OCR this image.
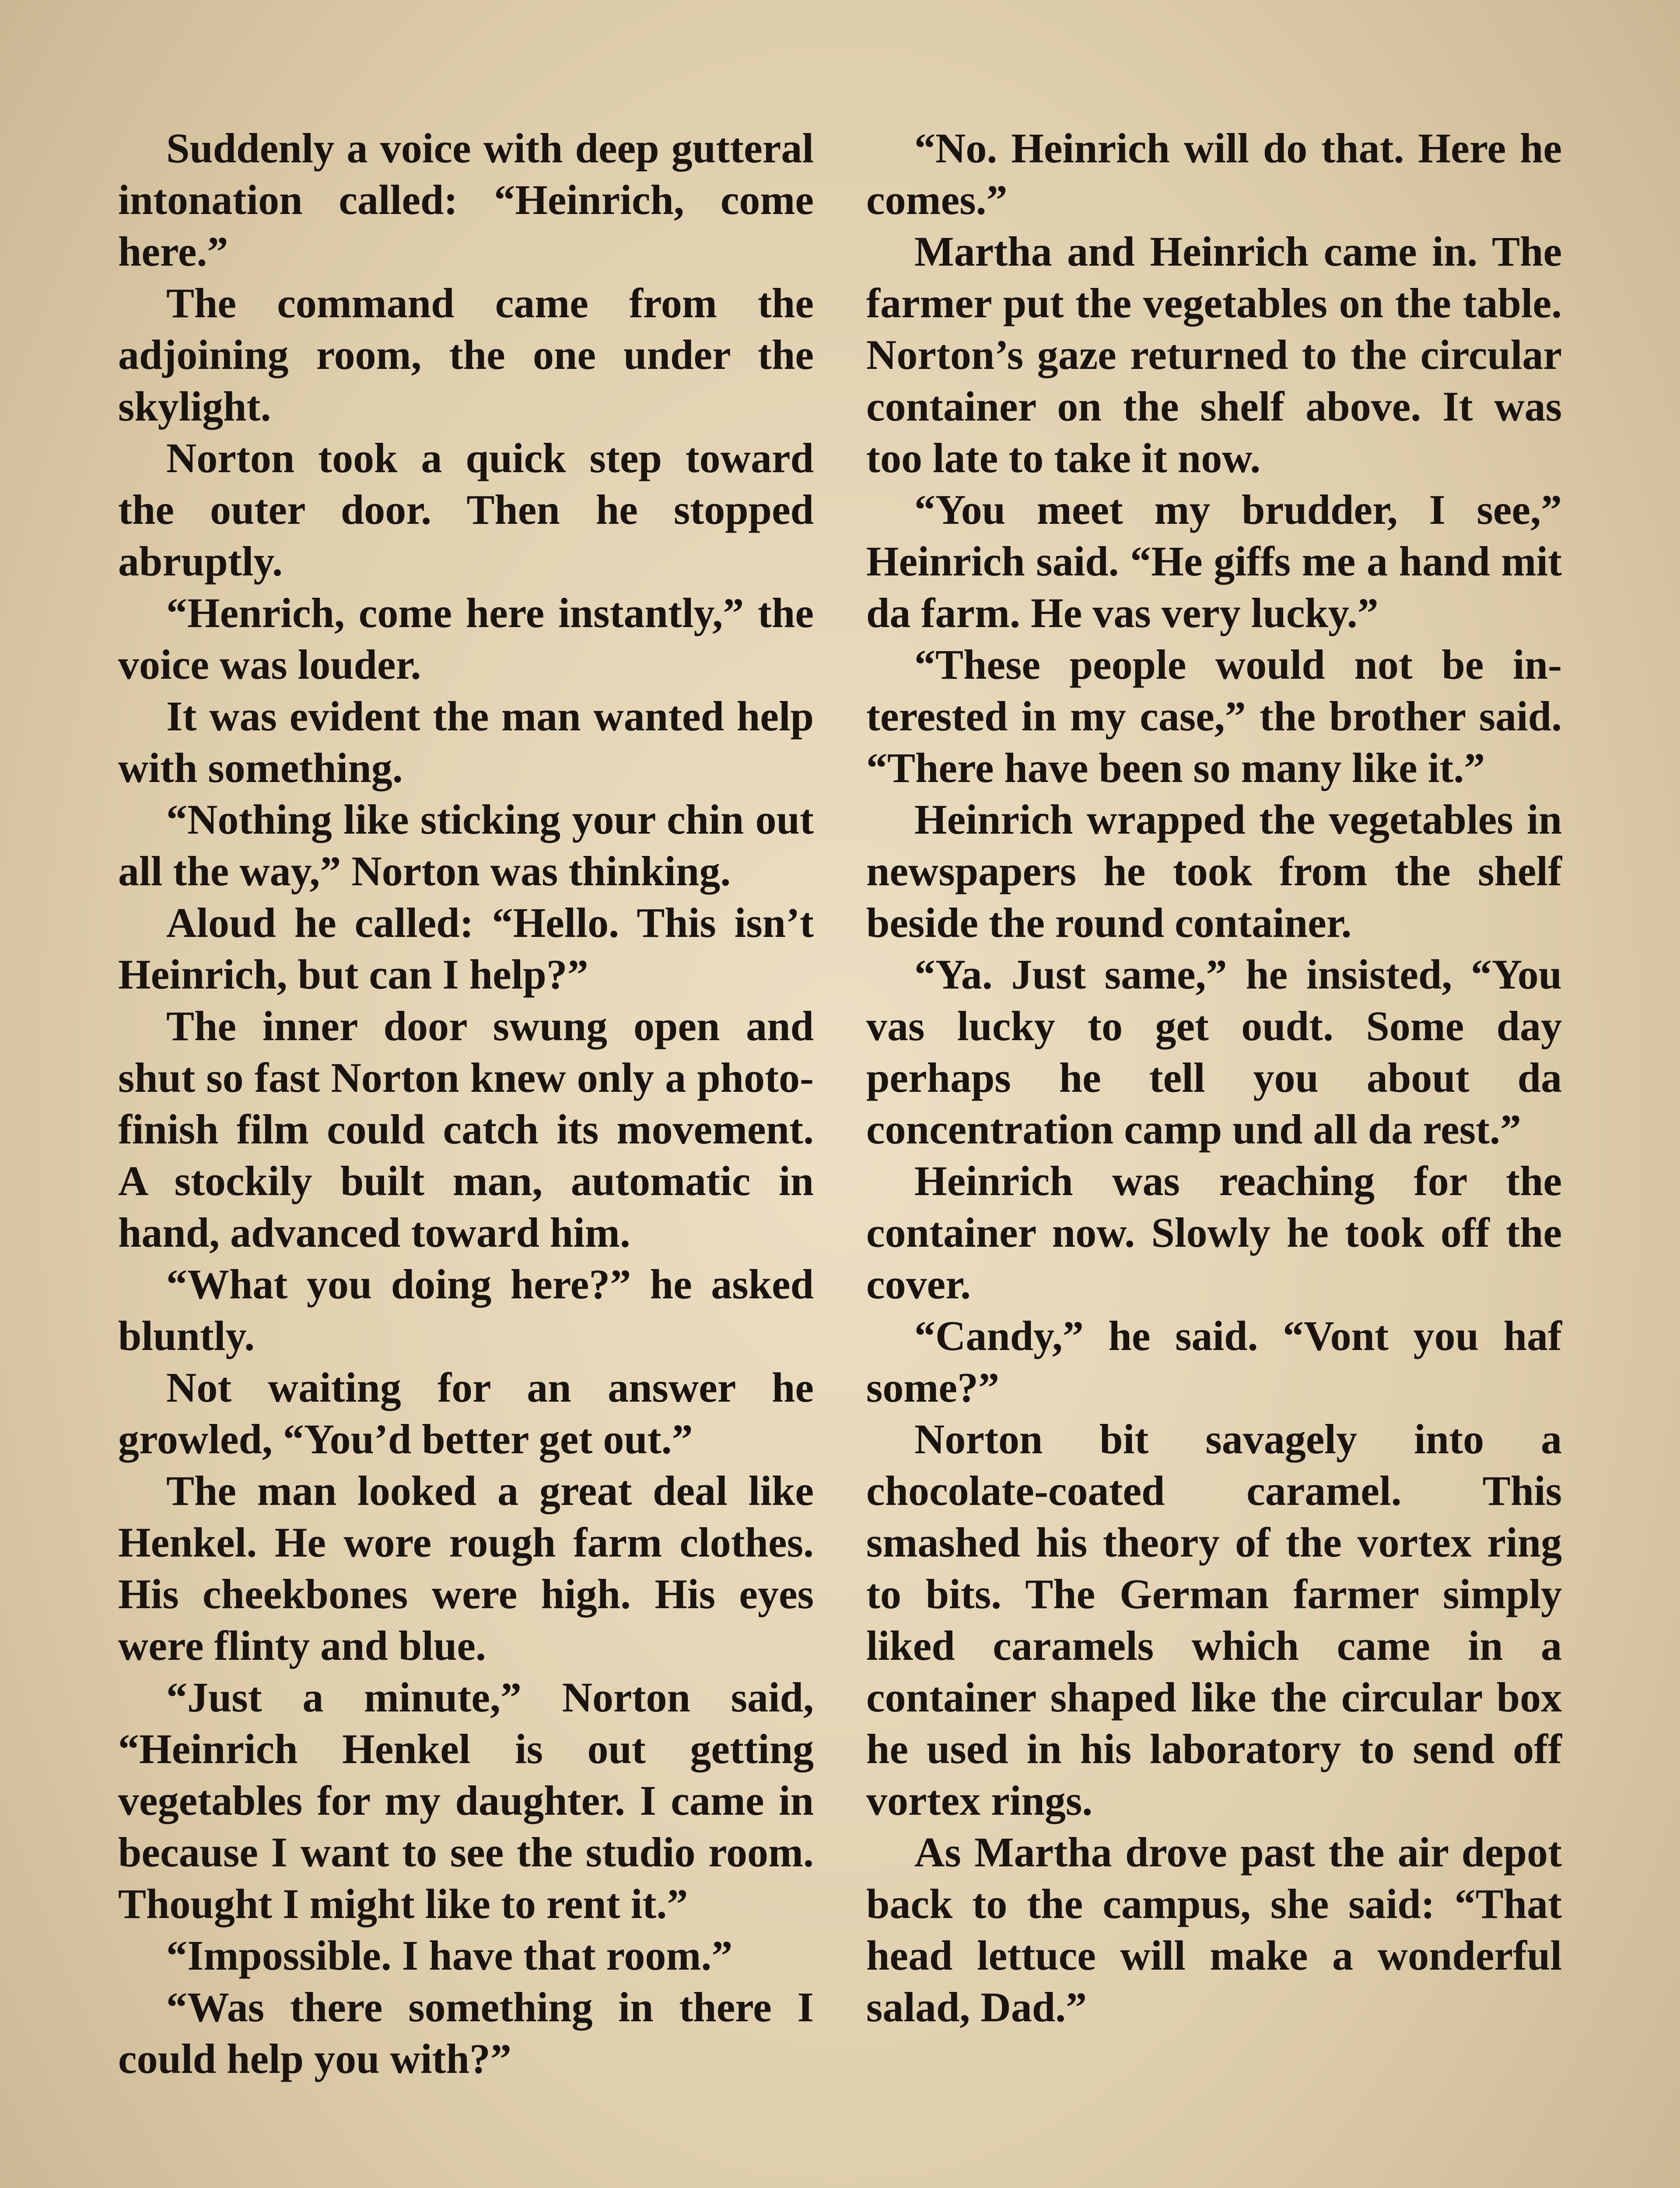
Suddenly a voice with deep gutteral intonation called: “Heinrich, come here.”

The command came from the adjoining room, the one under the skylight.

Norton took a quick step toward the outer door. Then he stopped abruptly.

“Henrich, come here instantly,” the voice was louder.

It was evident the man wanted help with something.

“Nothing like sticking your chin out all the way,” Norton was thinking.

Aloud he called: “Hello. This isn’t Heinrich, but can I help?”

The inner door swung open and shut so fast Norton knew only a photo-finish film could catch its movement. A stockily built man, automatic in hand, advanced toward him.

“What you doing here?” he asked bluntly.

Not waiting for an answer he growled, “You’d better get out.”

The man looked a great deal like Henkel. He wore rough farm clothes. His cheekbones were high. His eyes were flinty and blue.

“Just a minute,” Norton said, “Heinrich Henkel is out getting vegetables for my daughter. I came in because I want to see the studio room. Thought I might like to rent it.”

“Impossible. I have that room.”

“Was there something in there I could help you with?”

“No. Heinrich will do that. Here he comes.”

Martha and Heinrich came in. The farmer put the vegetables on the table. Norton’s gaze returned to the circular container on the shelf above. It was too late to take it now.

“You meet my brudder, I see,” Heinrich said. “He giffs me a hand mit da farm. He vas very lucky.”

“These people would not be interested in my case,” the brother said. “There have been so many like it.”

Heinrich wrapped the vegetables in newspapers he took from the shelf beside the round container.

“Ya. Just same,” he insisted, “You vas lucky to get oudt. Some day perhaps he tell you about da concentration camp und all da rest.”

Heinrich was reaching for the container now. Slowly he took off the cover.

“Candy,” he said. “Vont you haf some?”

Norton bit savagely into a chocolate-coated caramel. This smashed his theory of the vortex ring to bits. The German farmer simply liked caramels which came in a container shaped like the circular box he used in his laboratory to send off vortex rings.

As Martha drove past the air depot back to the campus, she said: “That head lettuce will make a wonderful salad, Dad.”
